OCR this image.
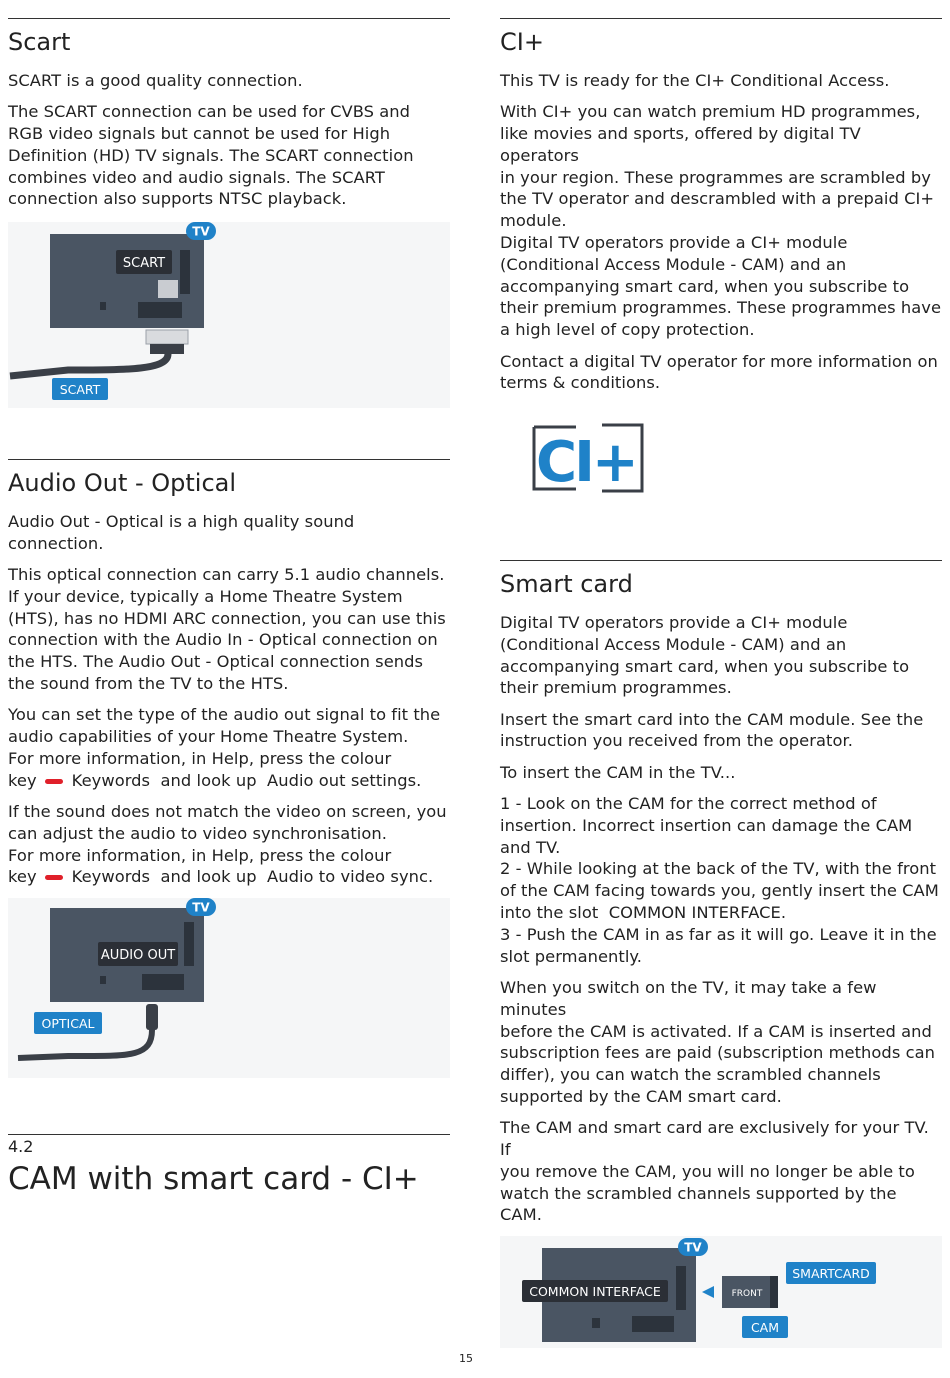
Scart

SCART is a good quality connection.

The SCART connection can be used for CVBS and
RGB video signals but cannot be used for High
Definition (HD) TV signals. The SCART connection
combines video and audio signals. The SCART
connection also supports NTSC playback.

TV
SCART
SCART
Audio Out - Optical

Audio Out - Optical is a high quality sound
connection.

This optical connection can carry 5.1 audio channels.
If your device, typically a Home Theatre System
(HTS), has no HDMI ARC connection, you can use this
connection with the Audio In - Optical connection on
the HTS. The Audio Out - Optical connection sends
the sound from the TV to the HTS.

You can set the type of the audio out signal to fit the
audio capabilities of your Home Theatre System.
For more information, in Help, press the colour
key Keywords  and look up  Audio out settings.

If the sound does not match the video on screen, you
can adjust the audio to video synchronisation.
For more information, in Help, press the colour
key Keywords  and look up  Audio to video sync.

TV
AUDIO OUT
OPTICAL
4.2
CAM with smart card - CI+
CI+

This TV is ready for the CI+ Conditional Access.

With CI+ you can watch premium HD programmes,
like movies and sports, offered by digital TV operators
in your region. These programmes are scrambled by
the TV operator and descrambled with a prepaid CI+
module.
Digital TV operators provide a CI+ module
(Conditional Access Module - CAM) and an
accompanying smart card, when you subscribe to
their premium programmes. These programmes have
a high level of copy protection.

Contact a digital TV operator for more information on
terms & conditions.

CI+
Smart card

Digital TV operators provide a CI+ module
(Conditional Access Module - CAM) and an
accompanying smart card, when you subscribe to
their premium programmes.

Insert the smart card into the CAM module. See the
instruction you received from the operator.

To insert the CAM in the TV...

1 - Look on the CAM for the correct method of
insertion. Incorrect insertion can damage the CAM
and TV.
2 - While looking at the back of the TV, with the front
of the CAM facing towards you, gently insert the CAM
into the slot  COMMON INTERFACE.
3 - Push the CAM in as far as it will go. Leave it in the
slot permanently.

When you switch on the TV, it may take a few minutes
before the CAM is activated. If a CAM is inserted and
subscription fees are paid (subscription methods can
differ), you can watch the scrambled channels
supported by the CAM smart card.

The CAM and smart card are exclusively for your TV. If
you remove the CAM, you will no longer be able to
watch the scrambled channels supported by the
CAM.

TV
COMMON INTERFACE	FRONT
SMARTCARD
CAM
15
